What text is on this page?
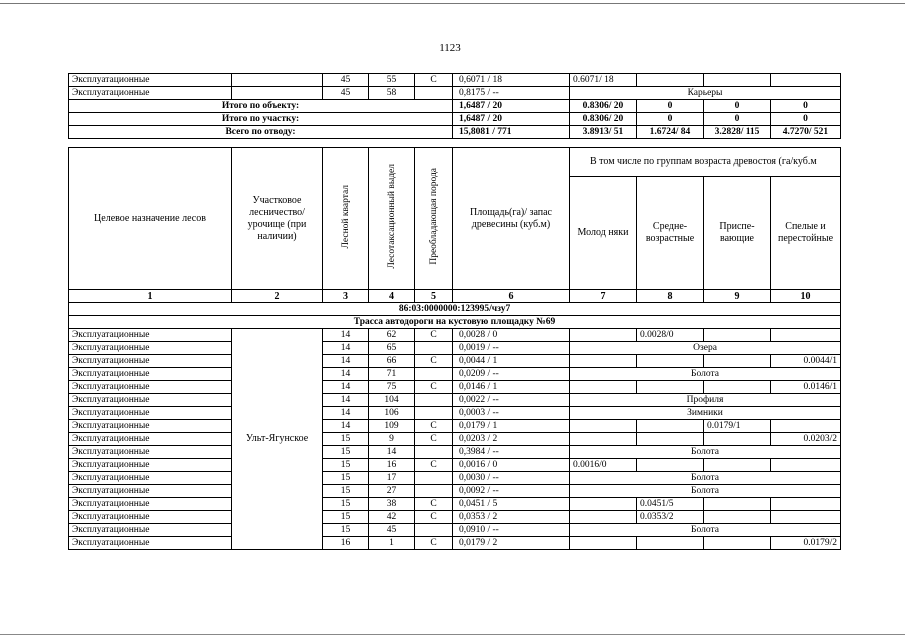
1123
Эксплуатационные		45	55	С	0,6071 / 18	0.6071/ 18			
Эксплуатационные		45	58		0,8175 / --	Карьеры			
Итого по объекту:					1,6487 / 20	0.8306/ 20	0	0	0
Итого по участку:					1,6487 / 20	0.8306/ 20	0	0	0
Всего по отводу:					15,8081 / 771	3.8913/ 51	1.6724/ 84	3.2828/ 115	4.7270/ 521
Целевое назначение лесов	Участковое лесничество/ урочище (при наличии)	Лесной квартал	Лесотаксационный выдел	Преобладающая порода	Площадь(га)/ запас древесины (куб.м)	В том числе по группам возраста древостоя (га/куб.м			
						Молод няки	Средне-возрастные	Приспе-вающие	Спелые и перестойные
1	2	3	4	5	6	7	8	9	10
86:03:0000000:123995/чзу7									
Трасса автодороги на кустовую площадку №69									
Эксплуатационные	Ульт-Ягунское	14	62	С	0,0028 / 0		0.0028/0		
Эксплуатационные		14	65		0,0019 / --	Озера			
Эксплуатационные		14	66	С	0,0044 / 1				0.0044/1
Эксплуатационные		14	71		0,0209 / --	Болота			
Эксплуатационные		14	75	С	0,0146 / 1				0.0146/1
Эксплуатационные		14	104		0,0022 / --	Профиля			
Эксплуатационные		14	106		0,0003 / --	Зимники			
Эксплуатационные		14	109	С	0,0179 / 1			0.0179/1	
Эксплуатационные		15	9	С	0,0203 / 2				0.0203/2
Эксплуатационные		15	14		0,3984 / --	Болота			
Эксплуатационные		15	16	С	0,0016 / 0	0.0016/0			
Эксплуатационные		15	17		0,0030 / --	Болота			
Эксплуатационные		15	27		0,0092 / --	Болота			
Эксплуатационные		15	38	С	0,0451 / 5		0.0451/5		
Эксплуатационные		15	42	С	0,0353 / 2		0.0353/2		
Эксплуатационные		15	45		0,0910 / --	Болота			
Эксплуатационные		16	1	С	0,0179 / 2				0.0179/2
